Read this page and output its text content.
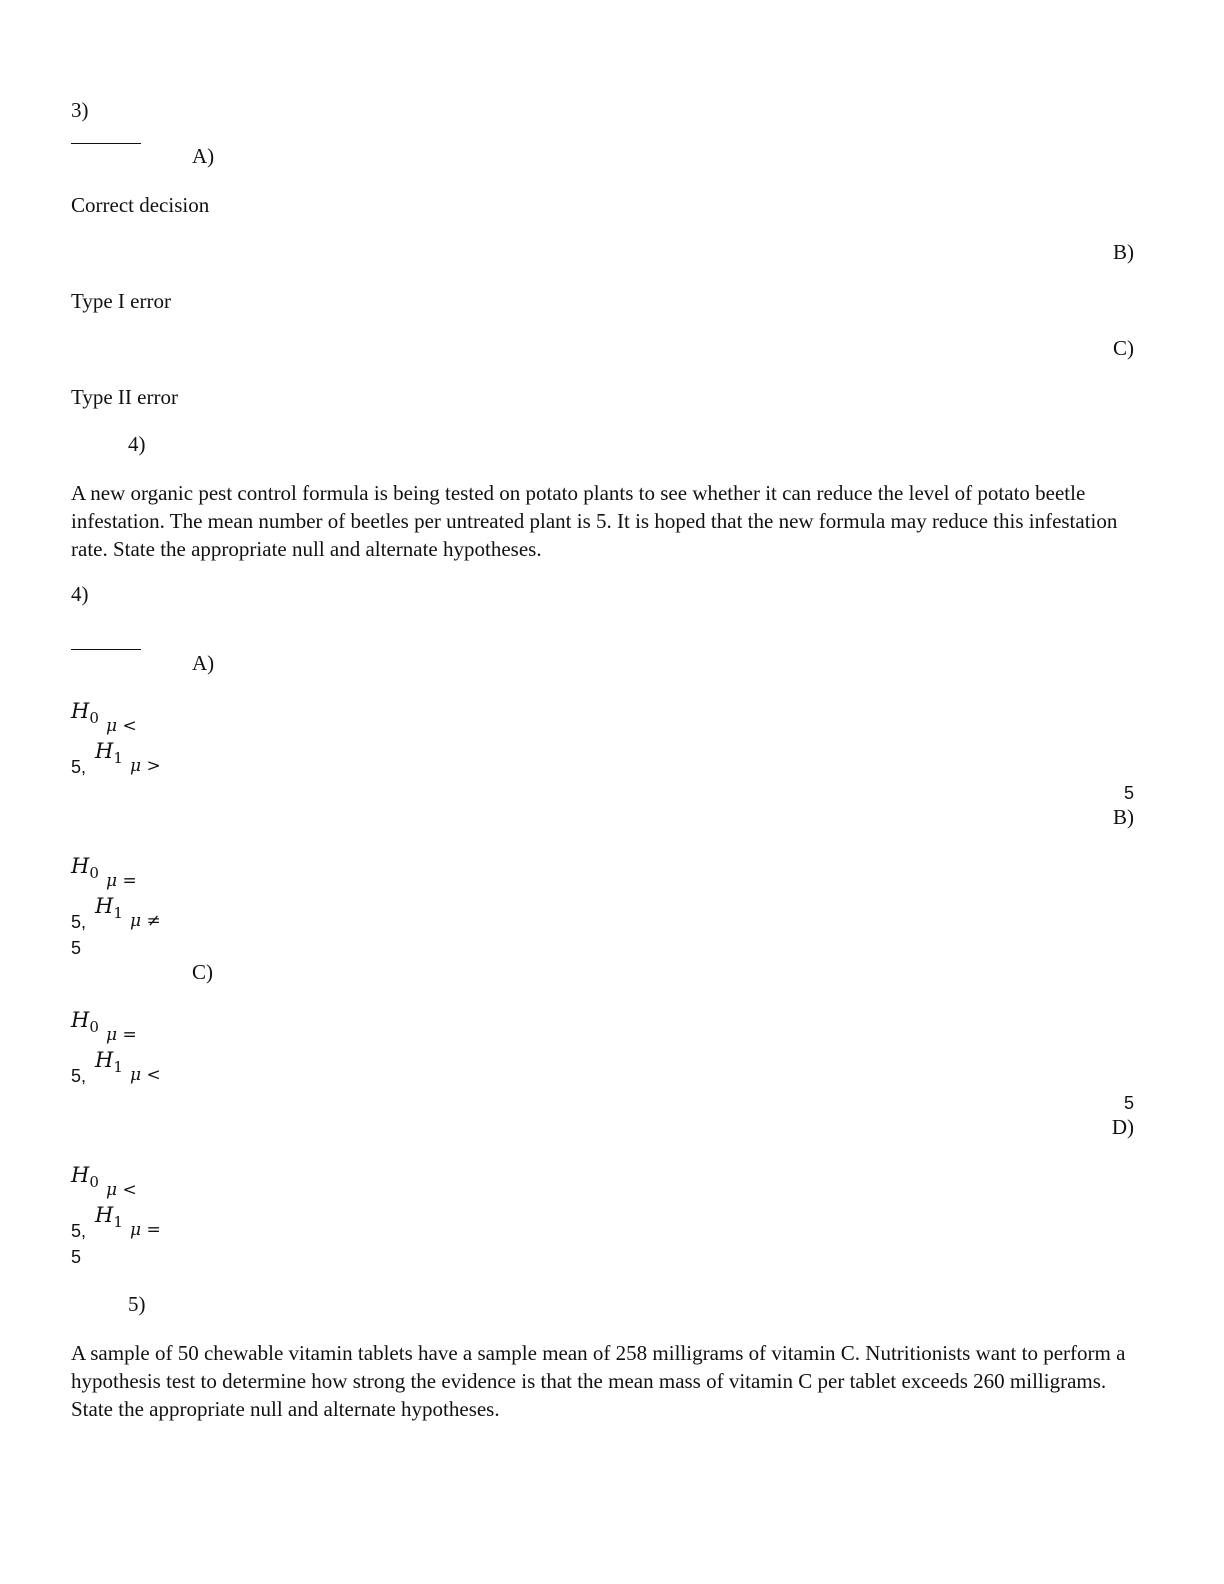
3)
A)
Correct decision
B)
Type I error
C)
Type II error
4)
A new organic pest control formula is being tested on potato plants to see whether it can reduce the level of potato beetle infestation. The mean number of beetles per untreated plant is 5. It is hoped that the new formula may reduce this infestation rate. State the appropriate null and alternate hypotheses.
4)
A)
$H_0$ μ <
5,
$H_1$ μ >
5
B)
$H_0$ μ =
5,
$H_1$ μ ≠
5
C)
$H_0$ μ =
5,
$H_1$ μ <
5
D)
$H_0$ μ <
5,
$H_1$ μ =
5
5)
A sample of 50 chewable vitamin tablets have a sample mean of 258 milligrams of vitamin C. Nutritionists want to perform a hypothesis test to determine how strong the evidence is that the mean mass of vitamin C per tablet exceeds 260 milligrams. State the appropriate null and alternate hypotheses.
